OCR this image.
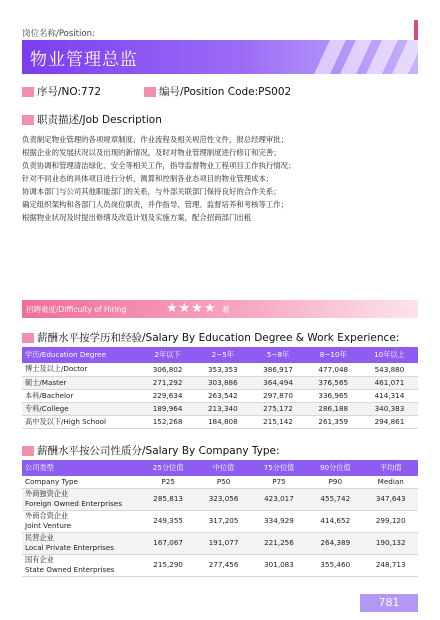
岗位名称/Position:
物业管理总监
序号/NO:772	编号/Position Code:PS002
职责描述/Job Description
负责制定物业管理的各项规章制度、作业流程及相关规范性文件，报总经理审批；
根据企业的发展状况以及出现的新情况，及时对物业管理制度进行修订和完善；
负责协调和管理清洁绿化、安全等相关工作，指导监督物业工程项目工作执行情况；
针对不同业态的具体项目进行分析，测算和控制各业态项目的物业管理成本；
协调本部门与公司其他职能部门的关系，与外部关联部门保持良好的合作关系；
确定组织架构和各部门人员岗位职责，并作指导、管理、监督培养和考核等工作；
根据物业状况及时提出修缮及改造计划及实施方案，配合招商部门出租
招聘难度/Difficulty of Hiring	★★★★ 难
薪酬水平按学历和经验/Salary By Education Degree & Work Experience:
学历/Education Degree	2年以下	2−5年	5−8年	8−10年	10年以上
博士及以上/Doctor	306,802	353,353	386,917	477,048	543,880
硕士/Master	271,292	303,886	364,494	376,565	461,071
本科/Bachelor	229,634	263,542	297,870	336,965	414,314
专科/College	189,964	213,340	275,172	286,188	340,383
高中及以下/High School	152,268	184,808	215,142	261,359	294,861
薪酬水平按公司性质分/Salary By Company Type:
公司类型	25分位值	中位值	75分位值	90分位值	平均值
Company Type	P25	P50	P75	P90	Median

外商独资企业
Foreign Owned Enterprises	285,813	323,056	423,017	455,742	347,643

外商合资企业
Joint Venture	249,355	317,205	334,929	414,652	299,120

民营企业
Local Private Enterprises	167,067	191,077	221,256	264,389	190,132

国有企业
State Owned Enterprises	215,290	277,456	301,083	355,460	248,713
781
